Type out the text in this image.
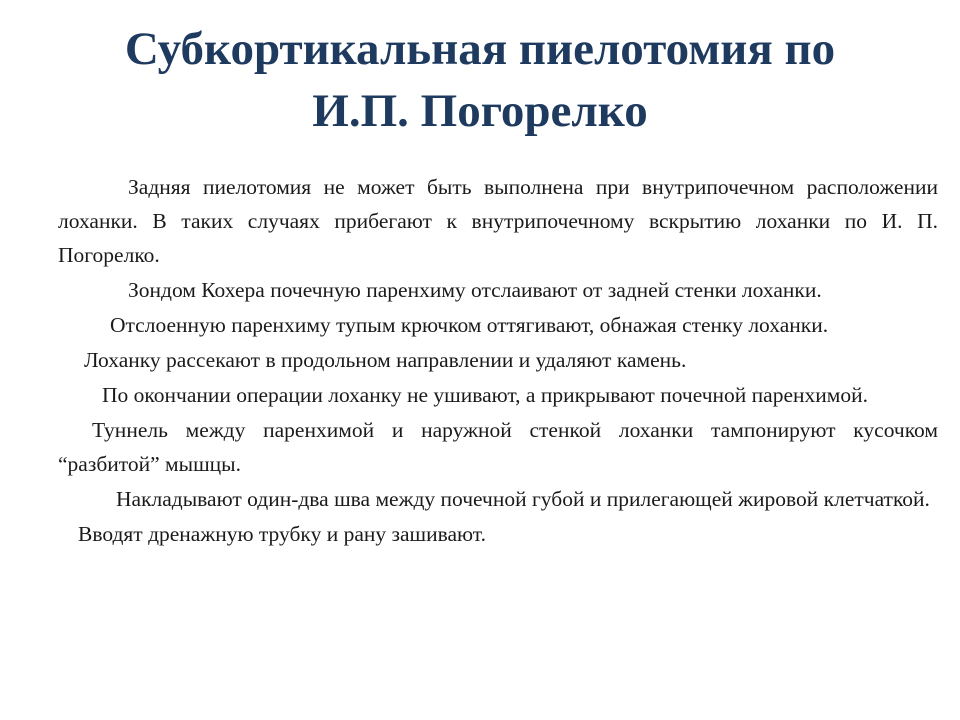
Субкортикальная пиелотомия по
И.П. Погорелко

Задняя пиелотомия не может быть выполнена при внутрипочечном расположении лоханки. В таких случаях прибегают к внутрипочечному вскрытию лоханки по И. П. Погорелко.

Зондом Кохера почечную паренхиму отслаивают от задней стенки лоханки.

Отслоенную паренхиму тупым крючком оттягивают, обнажая стенку лоханки.

Лоханку рассекают в продольном направлении и удаляют камень.

По окончании операции лоханку не ушивают, а прикрывают почечной паренхимой.

Туннель между паренхимой и наружной стенкой лоханки тампонируют кусочком “разбитой” мышцы.

Накладывают один-два шва между почечной губой и прилегающей жировой клетчаткой.

Вводят дренажную трубку и рану зашивают.
